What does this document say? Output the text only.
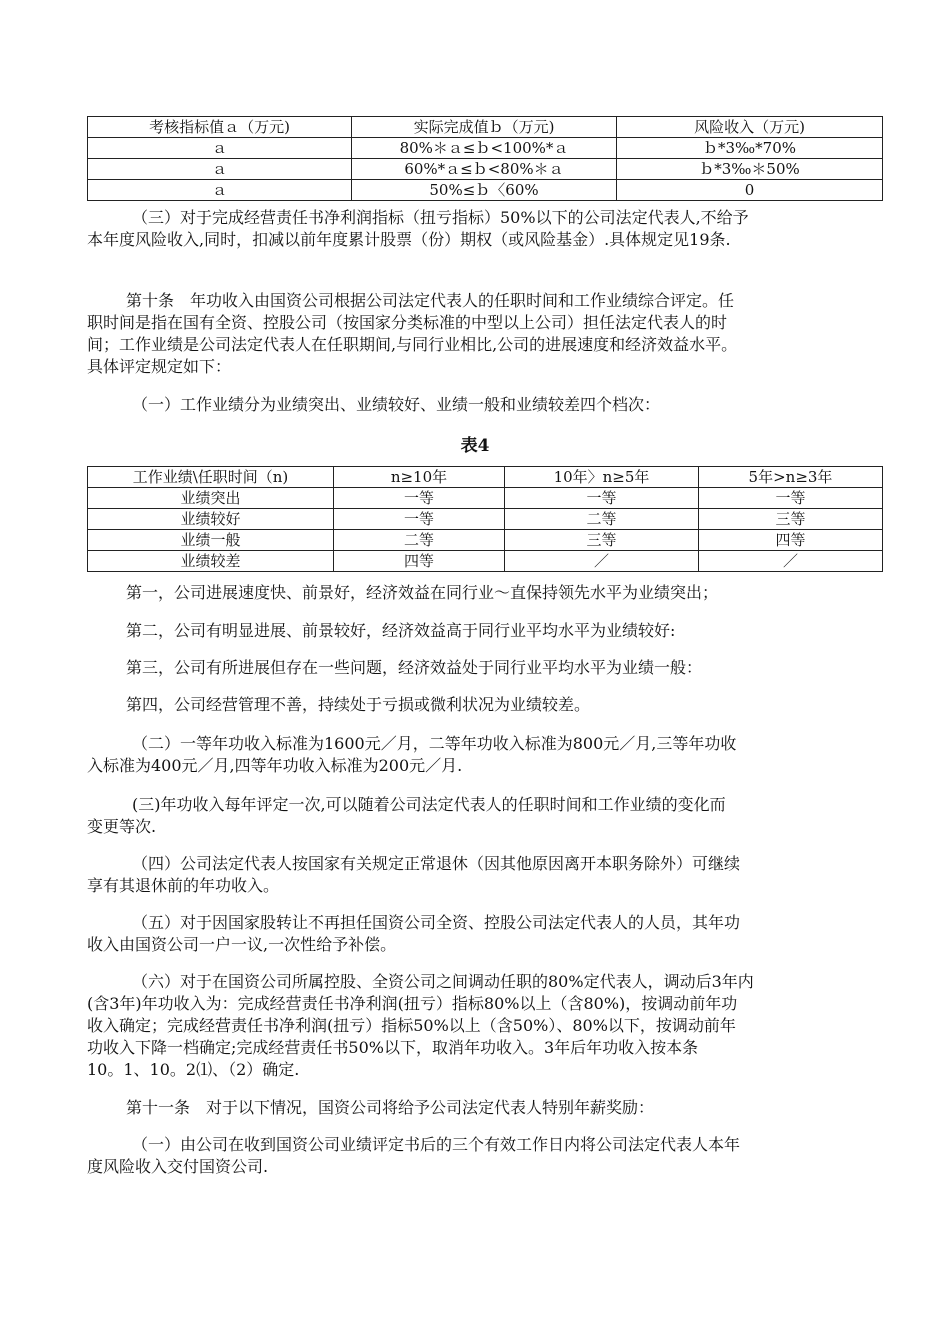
考核指标值ａ（万元)	实际完成值ｂ（万元)	风险收入（万元)
ａ	80%＊ａ≤ｂ<100%*ａ	ｂ*3‰*70%
ａ	60%*ａ≤ｂ<80%＊ａ	ｂ*3‰＊50%
ａ	50%≤ｂ〈60%	0
（三）对于完成经营责任书净利润指标（扭亏指标）50%以下的公司法定代表人,不给予
本年度风险收入,同时，扣减以前年度累计股票（份）期权（或风险基金）.具体规定见19条.
第十条　年功收入由国资公司根据公司法定代表人的任职时间和工作业绩综合评定。任
职时间是指在国有全资、控股公司（按国家分类标准的中型以上公司）担任法定代表人的时
间；工作业绩是公司法定代表人在任职期间,与同行业相比,公司的进展速度和经济效益水平。
具体评定规定如下：
（一）工作业绩分为业绩突出、业绩较好、业绩一般和业绩较差四个档次：
表4
工作业绩\任职时间（n)	n≥10年	10年〉n≥5年	5年>n≥3年
业绩突出	一等	一等	一等
业绩较好	一等	二等	三等
业绩一般	二等	三等	四等
业绩较差	四等	／	／
第一，公司进展速度快、前景好，经济效益在同行业～直保持领先水平为业绩突出；
第二，公司有明显进展、前景较好，经济效益高于同行业平均水平为业绩较好:
第三，公司有所进展但存在一些问题，经济效益处于同行业平均水平为业绩一般：
第四，公司经营管理不善，持续处于亏损或微利状况为业绩较差。
（二）一等年功收入标准为1600元／月，二等年功收入标准为800元／月,三等年功收
入标准为400元／月,四等年功收入标准为200元／月.
(三)年功收入每年评定一次,可以随着公司法定代表人的任职时间和工作业绩的变化而
变更等次.
（四）公司法定代表人按国家有关规定正常退休（因其他原因离开本职务除外）可继续
享有其退休前的年功收入。
（五）对于因国家股转让不再担任国资公司全资、控股公司法定代表人的人员，其年功
收入由国资公司一户一议,一次性给予补偿。
（六）对于在国资公司所属控股、全资公司之间调动任职的80%定代表人，调动后3年内
(含3年)年功收入为：完成经营责任书净利润(扭亏）指标80%以上（含80%)，按调动前年功
收入确定；完成经营责任书净利润(扭亏）指标50%以上（含50%）、80%以下，按调动前年
功收入下降一档确定;完成经营责任书50%以下，取消年功收入。3年后年功收入按本条
10。1、10。2⑴、（2）确定.
第十一条　对于以下情况，国资公司将给予公司法定代表人特别年薪奖励：
（一）由公司在收到国资公司业绩评定书后的三个有效工作日内将公司法定代表人本年
度风险收入交付国资公司.
